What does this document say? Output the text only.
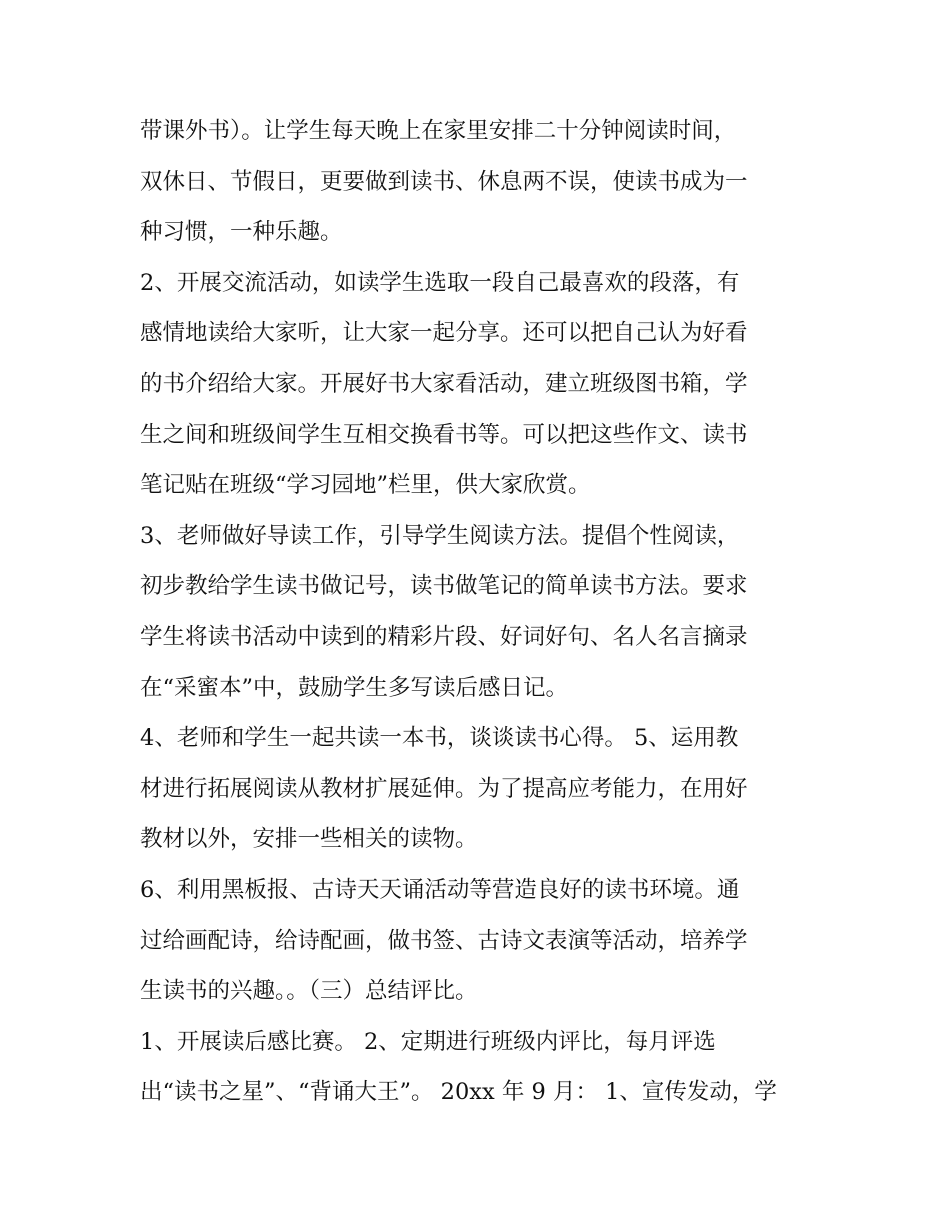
带课外书）。让学生每天晚上在家里安排二十分钟阅读时间，
双休日、节假日，更要做到读书、休息两不误，使读书成为一
种习惯，一种乐趣。
2、开展交流活动，如读学生选取一段自己最喜欢的段落，有
感情地读给大家听，让大家一起分享。还可以把自己认为好看
的书介绍给大家。开展好书大家看活动，建立班级图书箱，学
生之间和班级间学生互相交换看书等。可以把这些作文、读书
笔记贴在班级“学习园地”栏里，供大家欣赏。
3、老师做好导读工作，引导学生阅读方法。提倡个性阅读，
初步教给学生读书做记号，读书做笔记的简单读书方法。要求
学生将读书活动中读到的精彩片段、好词好句、名人名言摘录
在“采蜜本”中，鼓励学生多写读后感日记。
4、老师和学生一起共读一本书，谈谈读书心得。 5、运用教
材进行拓展阅读从教材扩展延伸。为了提高应考能力，在用好
教材以外，安排一些相关的读物。
6、利用黑板报、古诗天天诵活动等营造良好的读书环境。通
过给画配诗，给诗配画，做书签、古诗文表演等活动，培养学
生读书的兴趣。。（三）总结评比。
1、开展读后感比赛。 2、定期进行班级内评比，每月评选
出“读书之星”、“背诵大王”。 20xx 年 9 月： 1、宣传发动，学
